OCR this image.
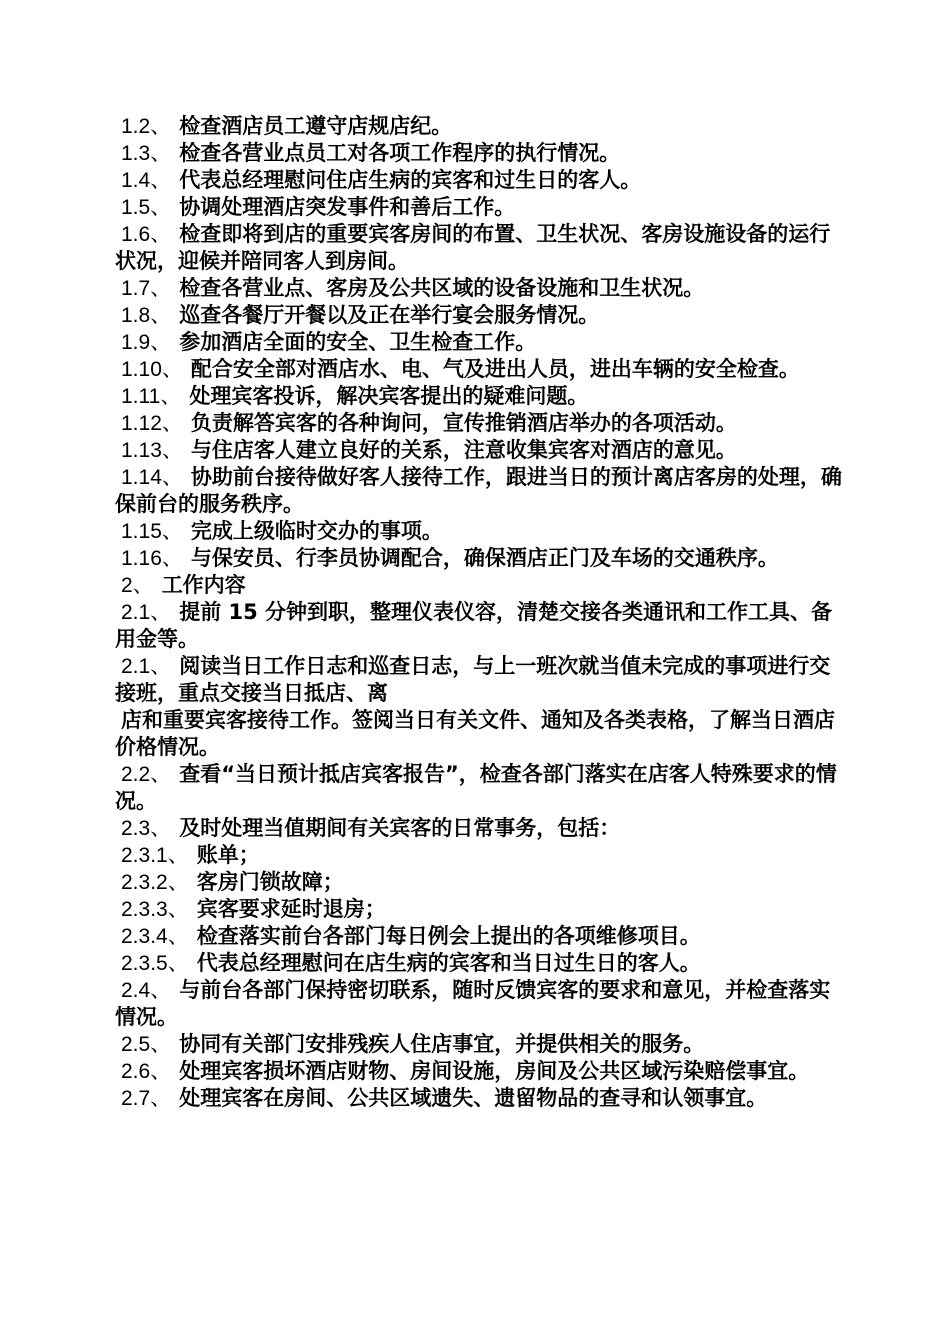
1.2、 检查酒店员工遵守店规店纪。

1.3、 检查各营业点员工对各项工作程序的执行情况。

1.4、 代表总经理慰问住店生病的宾客和过生日的客人。

1.5、 协调处理酒店突发事件和善后工作。

1.6、 检查即将到店的重要宾客房间的布置、卫生状况、客房设施设备的运行状况，迎候并陪同客人到房间。

1.7、 检查各营业点、客房及公共区域的设备设施和卫生状况。

1.8、 巡查各餐厅开餐以及正在举行宴会服务情况。

1.9、 参加酒店全面的安全、卫生检查工作。

1.10、 配合安全部对酒店水、电、气及进出人员，进出车辆的安全检查。

1.11、 处理宾客投诉，解决宾客提出的疑难问题。

1.12、 负责解答宾客的各种询问，宣传推销酒店举办的各项活动。

1.13、 与住店客人建立良好的关系，注意收集宾客对酒店的意见。

1.14、 协助前台接待做好客人接待工作，跟进当日的预计离店客房的处理，确保前台的服务秩序。

1.15、 完成上级临时交办的事项。

1.16、 与保安员、行李员协调配合，确保酒店正门及车场的交通秩序。

2、 工作内容

2.1、 提前 15 分钟到职，整理仪表仪容，清楚交接各类通讯和工作工具、备用金等。

2.1、 阅读当日工作日志和巡查日志，与上一班次就当值未完成的事项进行交接班，重点交接当日抵店、离

店和重要宾客接待工作。签阅当日有关文件、通知及各类表格，了解当日酒店价格情况。

2.2、 查看“当日预计抵店宾客报告”，检查各部门落实在店客人特殊要求的情况。

2.3、 及时处理当值期间有关宾客的日常事务，包括：

2.3.1、 账单；

2.3.2、 客房门锁故障；

2.3.3、 宾客要求延时退房；

2.3.4、 检查落实前台各部门每日例会上提出的各项维修项目。

2.3.5、 代表总经理慰问在店生病的宾客和当日过生日的客人。

2.4、 与前台各部门保持密切联系，随时反馈宾客的要求和意见，并检查落实情况。

2.5、 协同有关部门安排残疾人住店事宜，并提供相关的服务。

2.6、 处理宾客损坏酒店财物、房间设施，房间及公共区域污染赔偿事宜。

2.7、 处理宾客在房间、公共区域遗失、遗留物品的查寻和认领事宜。
